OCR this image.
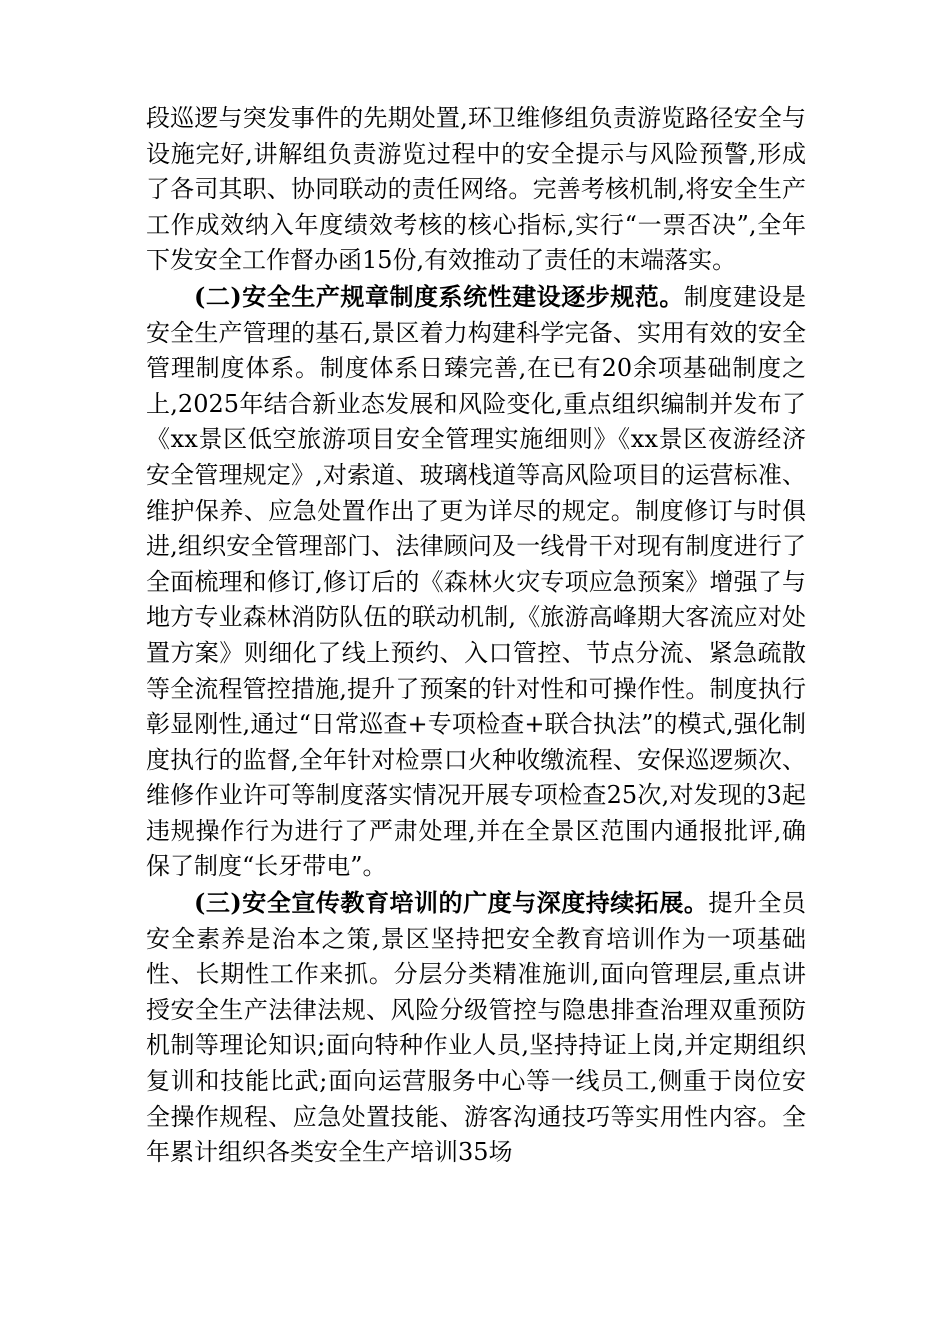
段巡逻与突发事件的先期处置,环卫维修组负责游览路径安全与设施完好,讲解组负责游览过程中的安全提示与风险预警,形成了各司其职、协同联动的责任网络。完善考核机制,将安全生产工作成效纳入年度绩效考核的核心指标,实行“一票否决”,全年下发安全工作督办函15份,有效推动了责任的末端落实。

(二)安全生产规章制度系统性建设逐步规范。制度建设是安全生产管理的基石,景区着力构建科学完备、实用有效的安全管理制度体系。制度体系日臻完善,在已有20余项基础制度之上,2025年结合新业态发展和风险变化,重点组织编制并发布了《xx景区低空旅游项目安全管理实施细则》《xx景区夜游经济安全管理规定》,对索道、玻璃栈道等高风险项目的运营标准、维护保养、应急处置作出了更为详尽的规定。制度修订与时俱进,组织安全管理部门、法律顾问及一线骨干对现有制度进行了全面梳理和修订,修订后的《森林火灾专项应急预案》增强了与地方专业森林消防队伍的联动机制,《旅游高峰期大客流应对处置方案》则细化了线上预约、入口管控、节点分流、紧急疏散等全流程管控措施,提升了预案的针对性和可操作性。制度执行彰显刚性,通过“日常巡查+专项检查+联合执法”的模式,强化制度执行的监督,全年针对检票口火种收缴流程、安保巡逻频次、维修作业许可等制度落实情况开展专项检查25次,对发现的3起违规操作行为进行了严肃处理,并在全景区范围内通报批评,确保了制度“长牙带电”。

(三)安全宣传教育培训的广度与深度持续拓展。提升全员安全素养是治本之策,景区坚持把安全教育培训作为一项基础性、长期性工作来抓。分层分类精准施训,面向管理层,重点讲授安全生产法律法规、风险分级管控与隐患排查治理双重预防机制等理论知识;面向特种作业人员,坚持持证上岗,并定期组织复训和技能比武;面向运营服务中心等一线员工,侧重于岗位安全操作规程、应急处置技能、游客沟通技巧等实用性内容。全年累计组织各类安全生产培训35场
